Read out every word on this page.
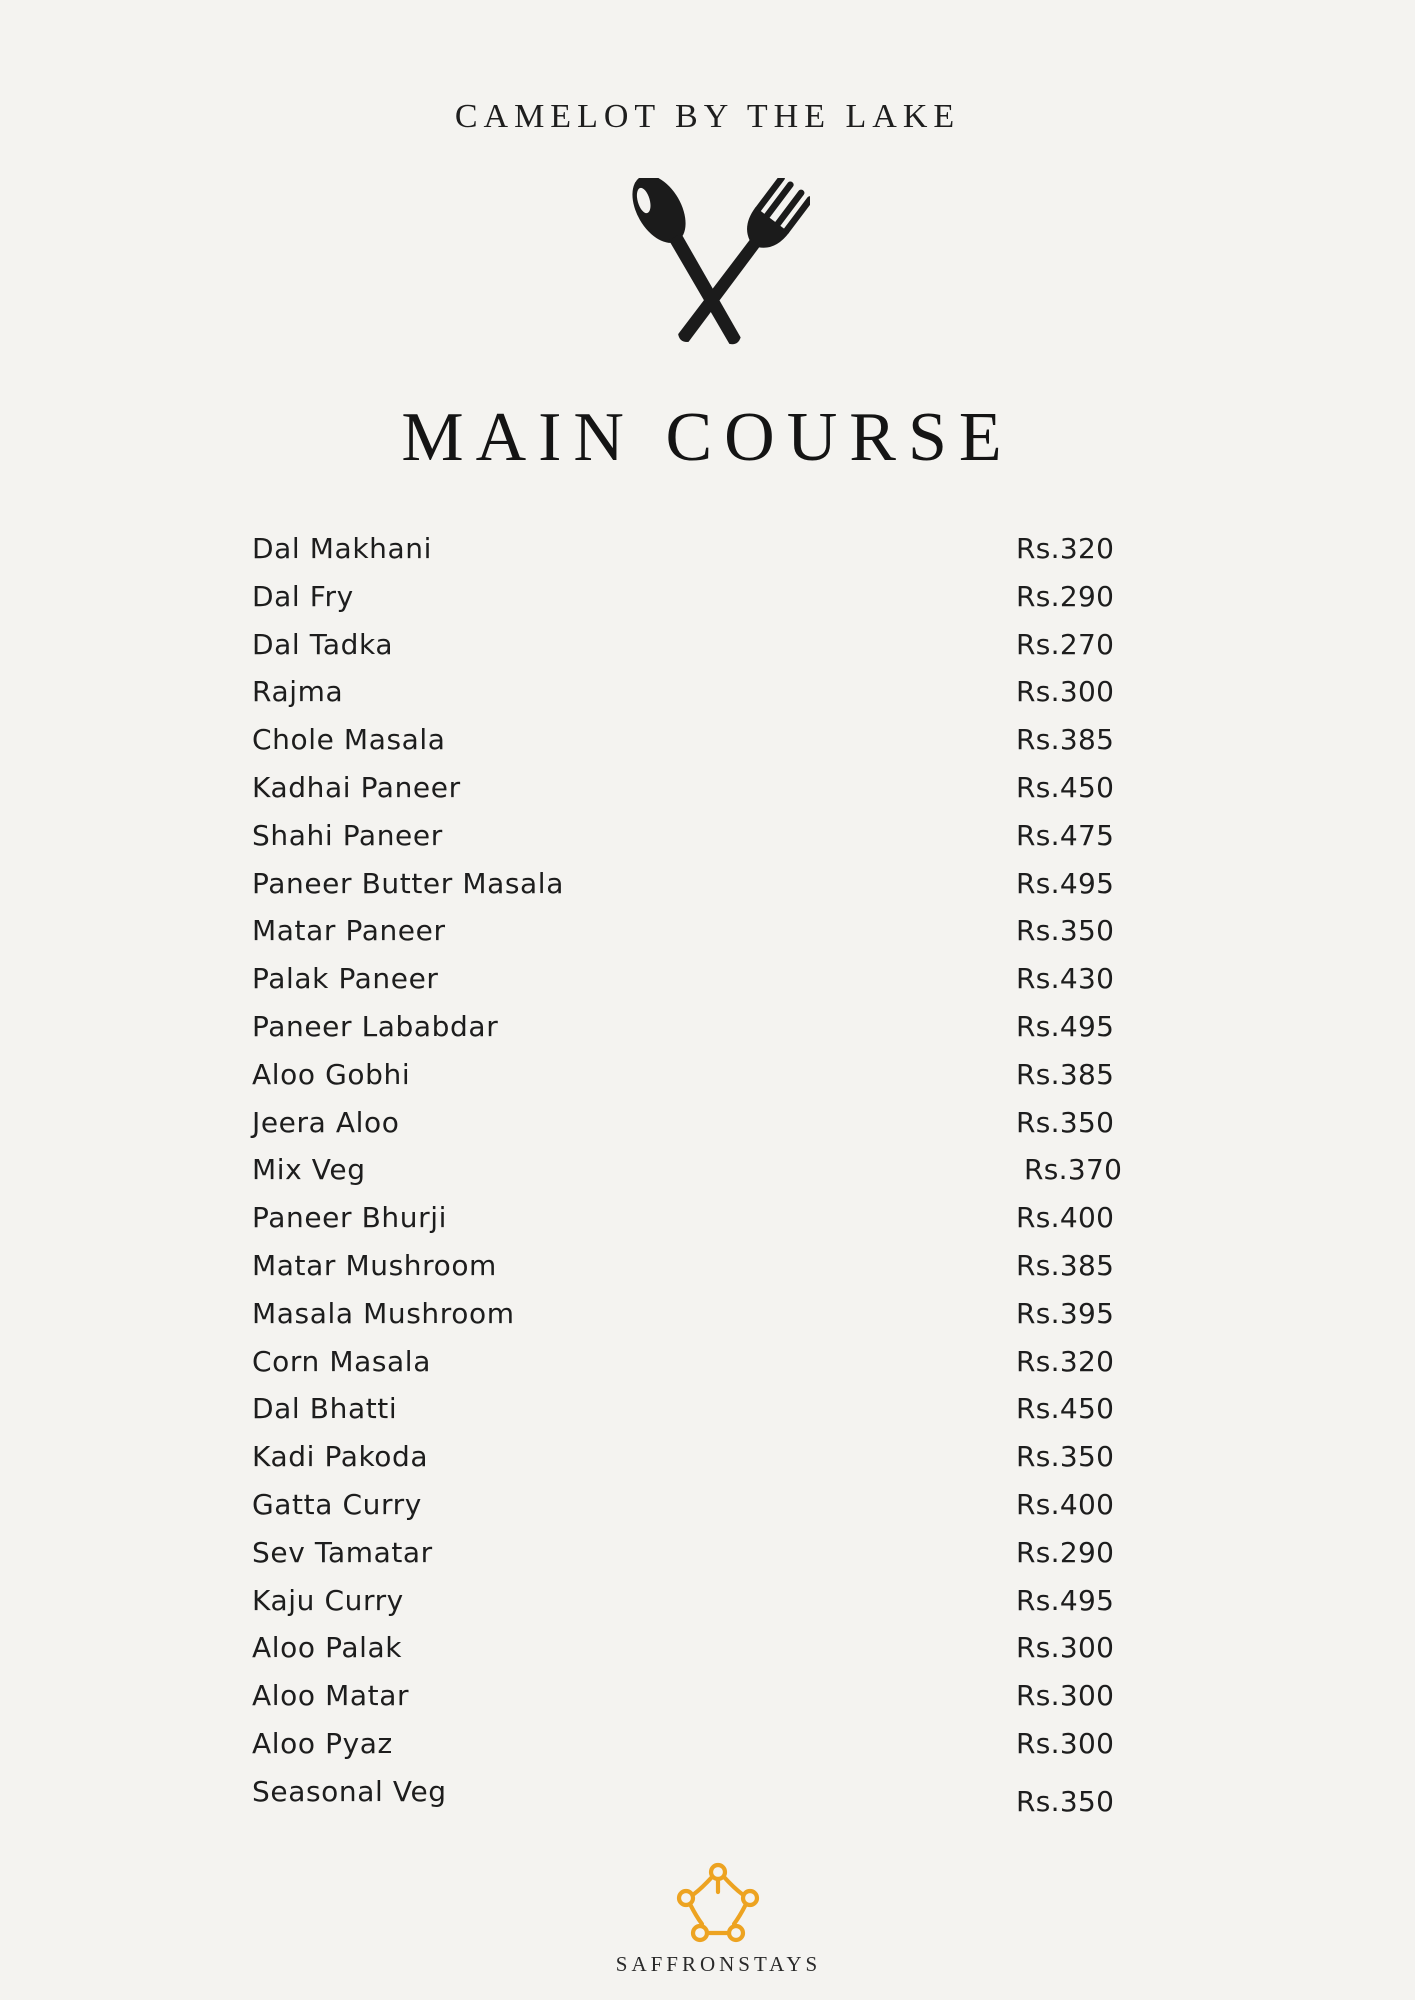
CAMELOT BY THE LAKE
MAIN COURSE
Dal Makhani	Rs.320
Dal Fry	Rs.290
Dal Tadka	Rs.270
Rajma	Rs.300
Chole Masala	Rs.385
Kadhai Paneer	Rs.450
Shahi Paneer	Rs.475
Paneer Butter Masala	Rs.495
Matar Paneer	Rs.350
Palak Paneer	Rs.430
Paneer Lababdar	Rs.495
Aloo Gobhi	Rs.385
Jeera Aloo	Rs.350
Mix Veg	Rs.370
Paneer Bhurji	Rs.400
Matar Mushroom	Rs.385
Masala Mushroom	Rs.395
Corn Masala	Rs.320
Dal Bhatti	Rs.450
Kadi Pakoda	Rs.350
Gatta Curry	Rs.400
Sev Tamatar	Rs.290
Kaju Curry	Rs.495
Aloo Palak	Rs.300
Aloo Matar	Rs.300
Aloo Pyaz	Rs.300
Seasonal Veg	Rs.350
SAFFRONSTAYS
